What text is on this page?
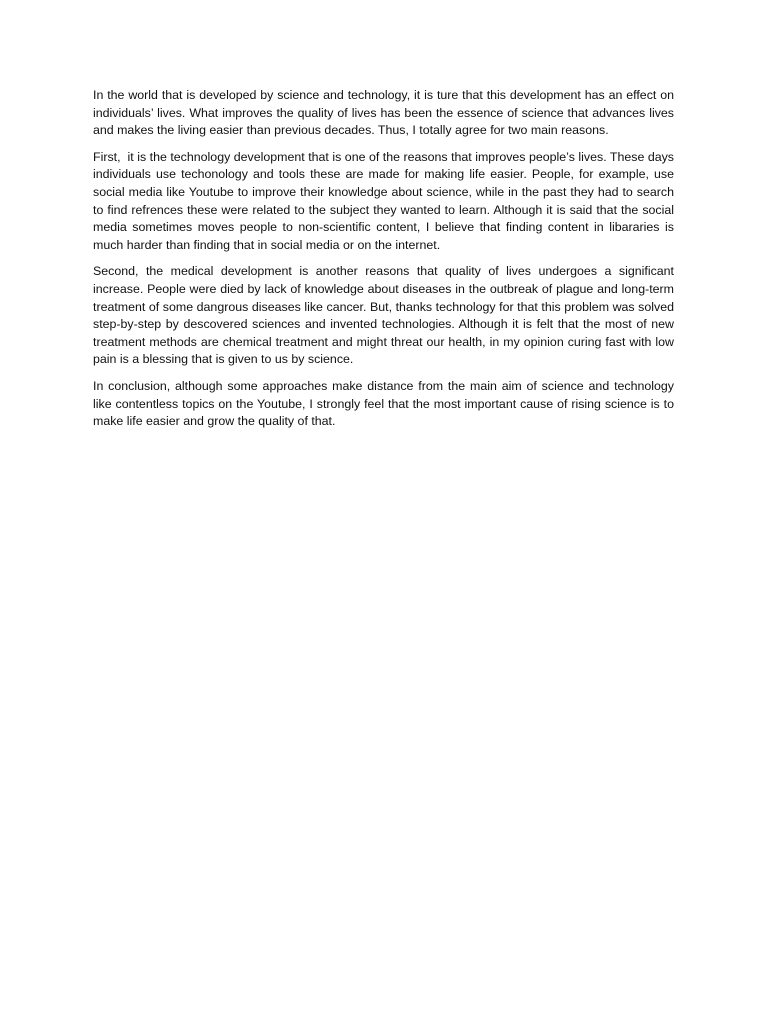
In the world that is developed by science and technology, it is ture that this development has an effect on individuals’ lives. What improves the quality of lives has been the essence of science that advances lives and makes the living easier than previous decades. Thus, I totally agree for two main reasons.

First,  it is the technology development that is one of the reasons that improves people’s lives. These days individuals use techonology and tools these are made for making life easier. People, for example, use social media like Youtube to improve their knowledge about science, while in the past they had to search to find refrences these were related to the subject they wanted to learn. Although it is said that the social media sometimes moves people to non-scientific content, I believe that finding content in libararies is much harder than finding that in social media or on the internet.

Second, the medical development is another reasons that quality of lives undergoes a significant increase. People were died by lack of knowledge about diseases in the outbreak of plague and long-term treatment of some dangrous diseases like cancer. But, thanks technology for that this problem was solved step-by-step by descovered sciences and invented technologies. Although it is felt that the most of new treatment methods are chemical treatment and might threat our health, in my opinion curing fast with low pain is a blessing that is given to us by science.

In conclusion, although some approaches make distance from the main aim of science and technology like contentless topics on the Youtube, I strongly feel that the most important cause of rising science is to make life easier and grow the quality of that.
